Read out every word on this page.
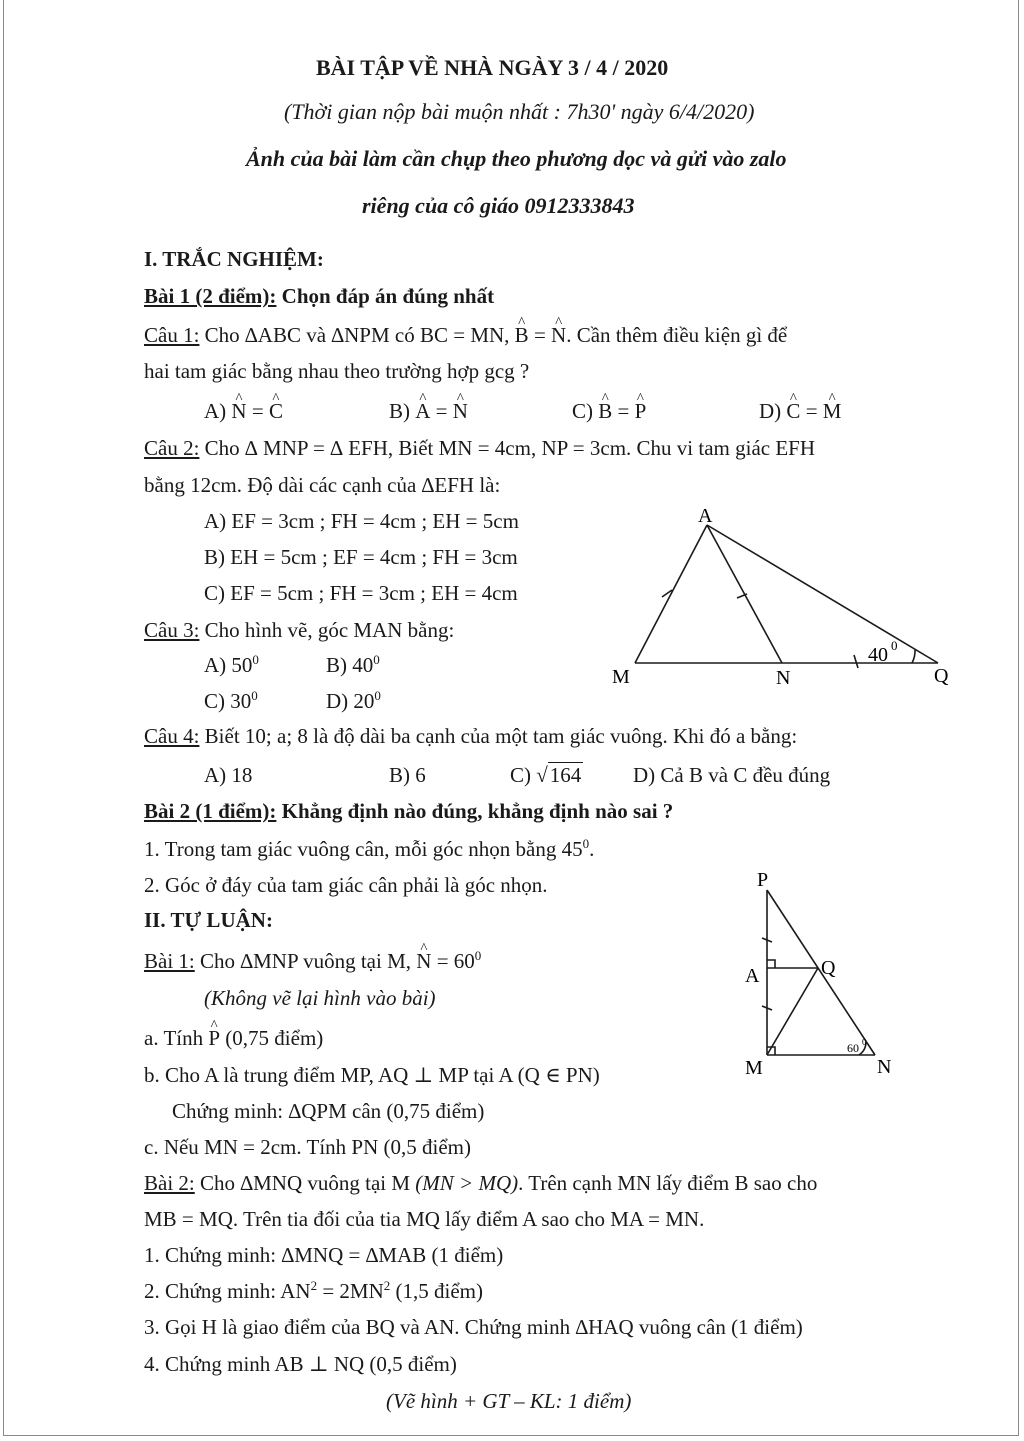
BÀI TẬP VỀ NHÀ NGÀY 3 / 4 / 2020
(Thời gian nộp bài muộn nhất : 7h30' ngày 6/4/2020)
Ảnh của bài làm cần chụp theo phương dọc và gửi vào zalo
riêng của cô giáo 0912333843
I. TRẮC NGHIỆM:
Bài 1 (2 điểm): Chọn đáp án đúng nhất
Câu 1: Cho ∆ABC và ∆NPM có BC = MN, ^ B = ^ N. Cần thêm điều kiện gì để
hai tam giác bằng nhau theo trường hợp gcg ?
A) ^ N = ^ C	B) ^ A = ^ N	C) ^ B = ^ P	D) ^ C = ^ M
Câu 2: Cho ∆ MNP = ∆ EFH, Biết MN = 4cm, NP = 3cm. Chu vi tam giác EFH
bằng 12cm. Độ dài các cạnh của ∆EFH là:
A) EF = 3cm ; FH = 4cm ; EH = 5cm
B) EH = 5cm ; EF = 4cm ; FH = 3cm
C) EF = 5cm ; FH = 3cm ; EH = 4cm
Câu 3: Cho hình vẽ, góc MAN bằng:
A) $50^0$	B) $40^0$
C) $30^0$	D) $20^0$
A
M	N	Q
40 0
Câu 4: Biết 10; a; 8 là độ dài ba cạnh của một tam giác vuông. Khi đó a bằng:
A) 18	B) 6	C) √164 D) Cả B và C đều đúng
Bài 2 (1 điểm): Khẳng định nào đúng, khẳng định nào sai ?
1. Trong tam giác vuông cân, mỗi góc nhọn bằng $45^0$.
2. Góc ở đáy của tam giác cân phải là góc nhọn.
II. TỰ LUẬN:
Bài 1: Cho ∆MNP vuông tại M, ^ $N = 60^0$
(Không vẽ lại hình vào bài)
a. Tính ^ P (0,75 điểm)
b. Cho A là trung điểm MP, AQ ⊥ MP tại A (Q ∈ PN)
Chứng minh: ∆QPM cân (0,75 điểm)
c. Nếu MN = 2cm. Tính PN (0,5 điểm)
P
A	Q
M	N
60 0
Bài 2: Cho ∆MNQ vuông tại M (MN > MQ). Trên cạnh MN lấy điểm B sao cho
MB = MQ. Trên tia đối của tia MQ lấy điểm A sao cho MA = MN.
1. Chứng minh: ∆MNQ = ∆MAB (1 điểm)
2. Chứng minh: $AN^2 = 2MN^2$ (1,5 điểm)
3. Gọi H là giao điểm của BQ và AN. Chứng minh ∆HAQ vuông cân (1 điểm)
4. Chứng minh AB ⊥ NQ (0,5 điểm)
(Vẽ hình + GT – KL: 1 điểm)
